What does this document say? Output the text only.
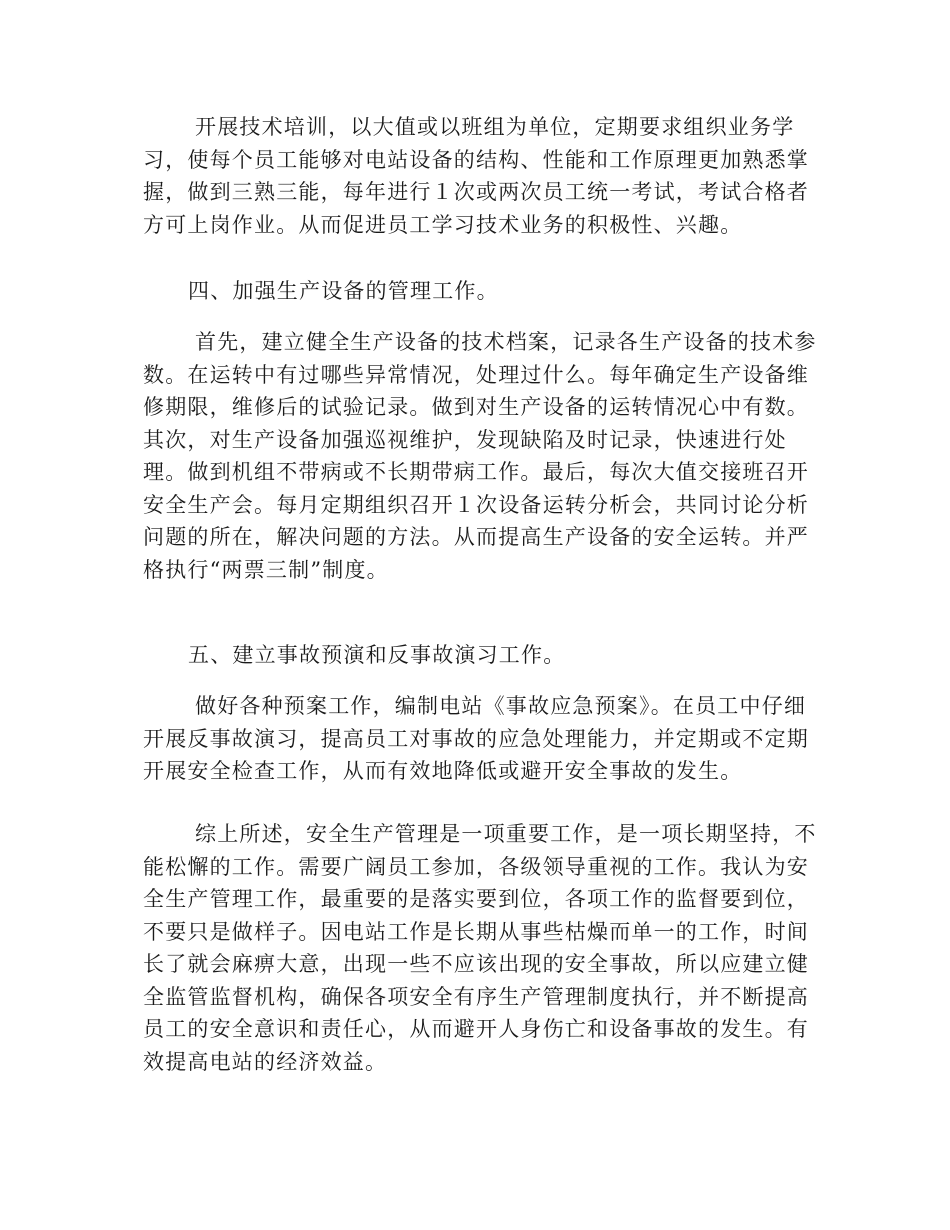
开展技术培训，以大值或以班组为单位，定期要求组织业务学
习，使每个员工能够对电站设备的结构、性能和工作原理更加熟悉掌
握，做到三熟三能，每年进行１次或两次员工统一考试，考试合格者
方可上岗作业。从而促进员工学习技术业务的积极性、兴趣。

四、加强生产设备的管理工作。

首先，建立健全生产设备的技术档案，记录各生产设备的技术参
数。在运转中有过哪些异常情况，处理过什么。每年确定生产设备维
修期限，维修后的试验记录。做到对生产设备的运转情况心中有数。
其次，对生产设备加强巡视维护，发现缺陷及时记录，快速进行处
理。做到机组不带病或不长期带病工作。最后，每次大值交接班召开
安全生产会。每月定期组织召开１次设备运转分析会，共同讨论分析
问题的所在，解决问题的方法。从而提高生产设备的安全运转。并严
格执行“两票三制”制度。

五、建立事故预演和反事故演习工作。

做好各种预案工作，编制电站《事故应急预案》。在员工中仔细
开展反事故演习，提高员工对事故的应急处理能力，并定期或不定期
开展安全检查工作，从而有效地降低或避开安全事故的发生。

综上所述，安全生产管理是一项重要工作，是一项长期坚持，不
能松懈的工作。需要广阔员工参加，各级领导重视的工作。我认为安
全生产管理工作，最重要的是落实要到位，各项工作的监督要到位，
不要只是做样子。因电站工作是长期从事些枯燥而单一的工作，时间
长了就会麻痹大意，出现一些不应该出现的安全事故，所以应建立健
全监管监督机构，确保各项安全有序生产管理制度执行，并不断提高
员工的安全意识和责任心，从而避开人身伤亡和设备事故的发生。有
效提高电站的经济效益。
